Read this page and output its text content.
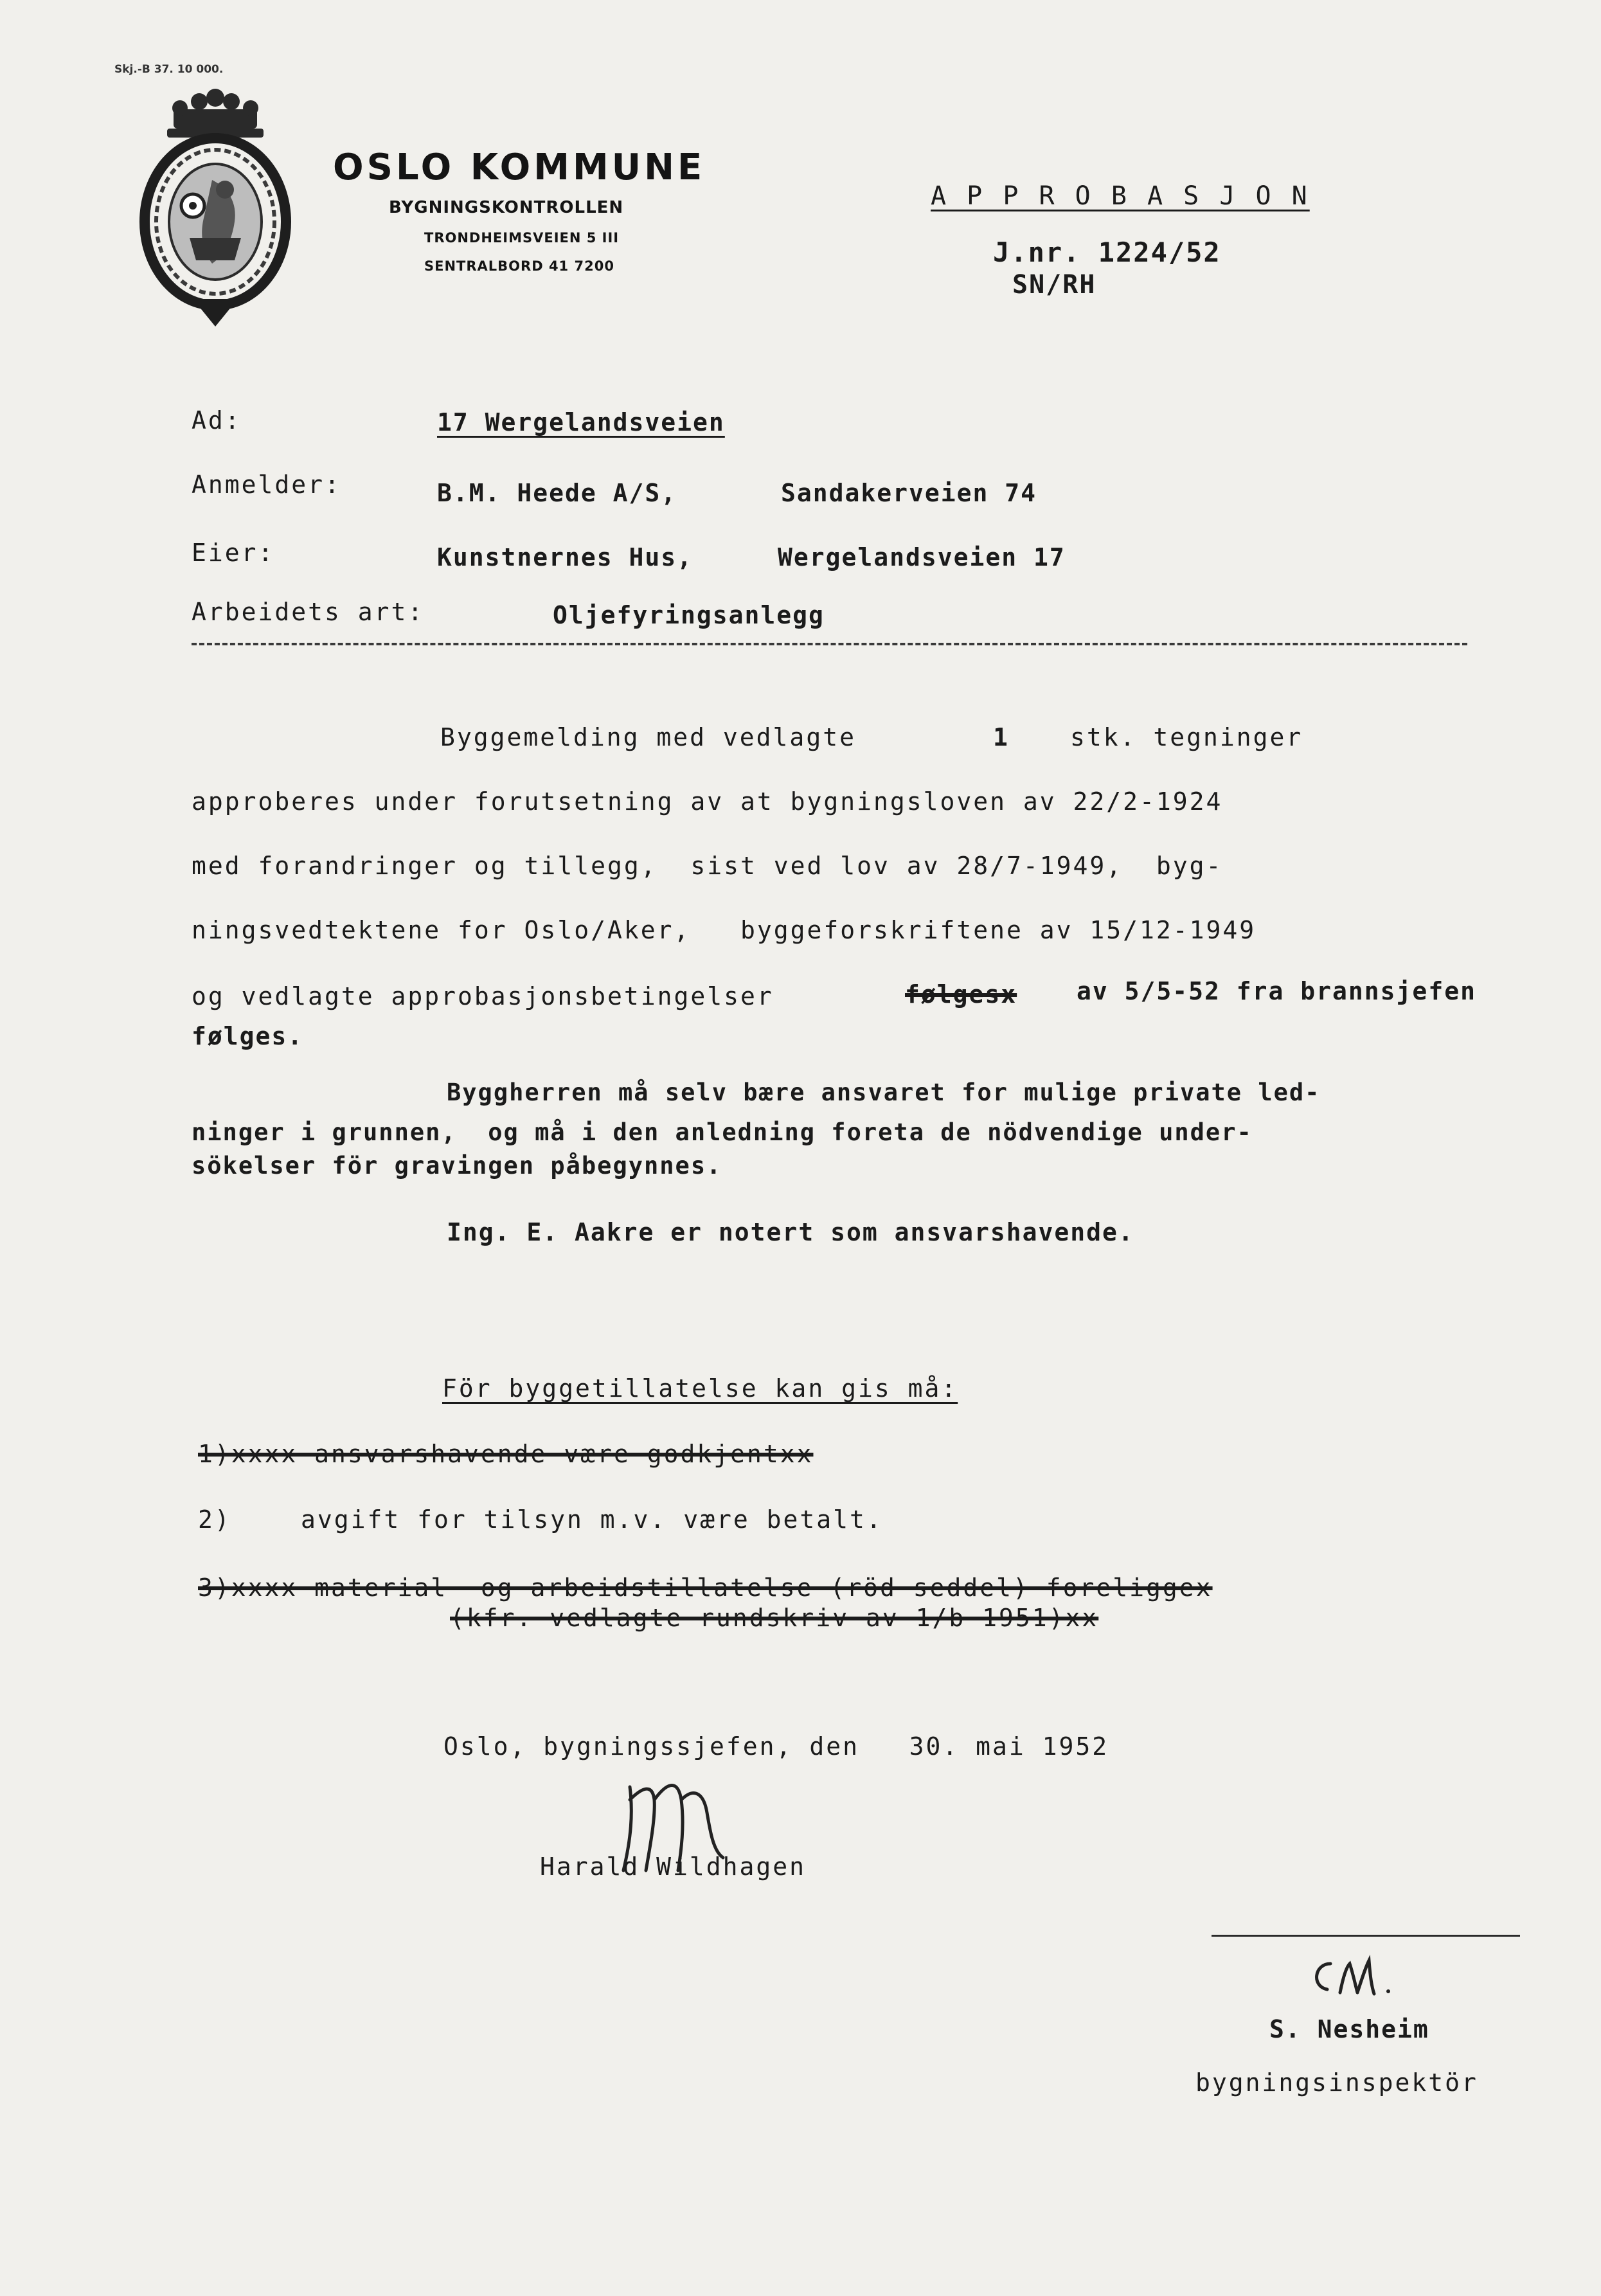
Skj.-B 37. 10 000.
OSLO KOMMUNE
BYGNINGSKONTROLLEN
TRONDHEIMSVEIEN 5 III
SENTRALBORD 41 7200
A P P R O B A S J O N
J.nr. 1224/52
SN/RH
Ad:	17 Wergelandsveien
Anmelder:	B.M. Heede A/S,	Sandakerveien 74
Eier:	Kunstnernes Hus,	Wergelandsveien 17
Arbeidets art:	Oljefyringsanlegg
Byggemelding med vedlagte	1	stk. tegninger
approberes under forutsetning av at bygningsloven av 22/2-1924
med forandringer og tillegg,  sist ved lov av 28/7-1949,  byg-
ningsvedtektene for Oslo/Aker,   byggeforskriftene av 15/12-1949
og vedlagte approbasjonsbetingelser	følgesx av 5/5-52 fra brannsjefen
følges.
Byggherren må selv bære ansvaret for mulige private led-
ninger i grunnen,  og må i den anledning foreta de nödvendige under-
sökelser för gravingen påbegynnes.
Ing. E. Aakre er notert som ansvarshavende.
För byggetillatelse kan gis må:
1)xxxx ansvarshavende være godkjentxx
2)	avgift for tilsyn m.v. være betalt.
3)xxxx material- og arbeidstillatelse (röd seddel) foreliggex
(kfr. vedlagte rundskriv av 1/b-1951)xx
Oslo, bygningssjefen, den   30. mai 1952
Harald Wildhagen
S. Nesheim
bygningsinspektör
